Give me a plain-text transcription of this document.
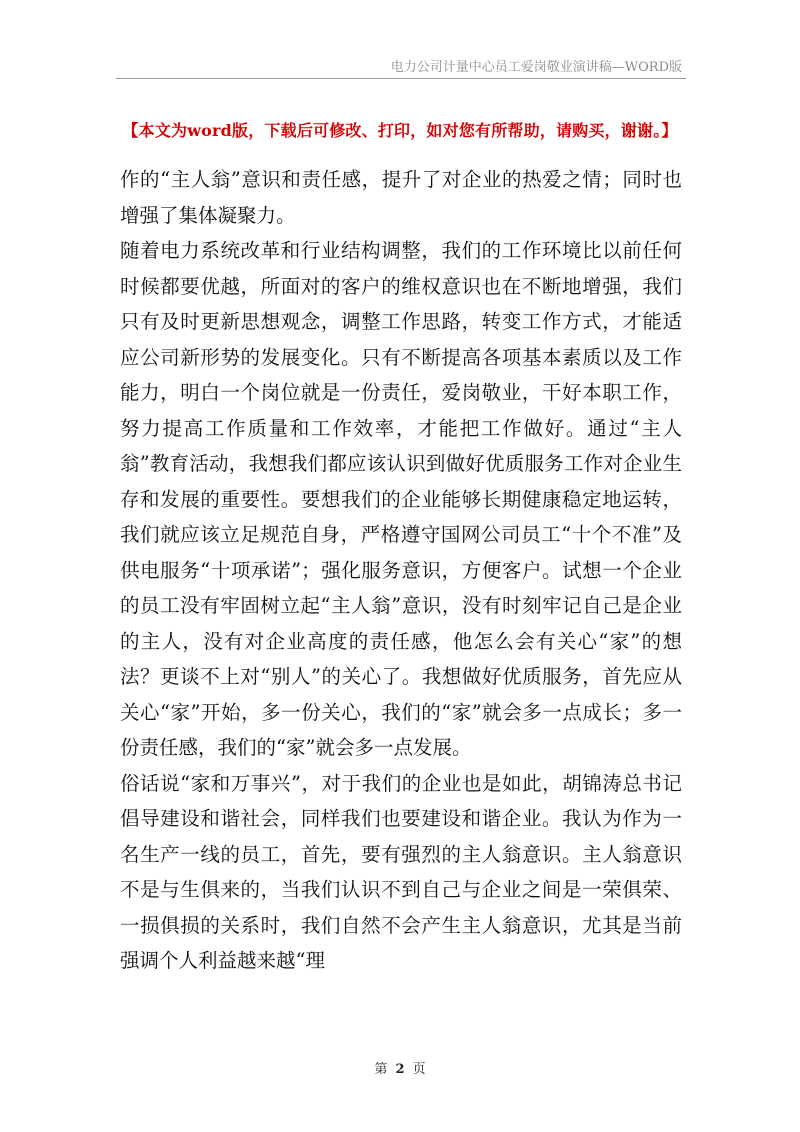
电力公司计量中心员工爱岗敬业演讲稿—WORD版
【本文为word版，下载后可修改、打印，如对您有所帮助，请购买，谢谢。】

作的“主人翁”意识和责任感，提升了对企业的热爱之情；同时也增强了集体凝聚力。

随着电力系统改革和行业结构调整，我们的工作环境比以前任何时候都要优越，所面对的客户的维权意识也在不断地增强，我们只有及时更新思想观念，调整工作思路，转变工作方式，才能适应公司新形势的发展变化。只有不断提高各项基本素质以及工作能力，明白一个岗位就是一份责任，爱岗敬业，干好本职工作，努力提高工作质量和工作效率，才能把工作做好。通过“主人翁”教育活动，我想我们都应该认识到做好优质服务工作对企业生存和发展的重要性。要想我们的企业能够长期健康稳定地运转，我们就应该立足规范自身，严格遵守国网公司员工“十个不准”及供电服务“十项承诺”；强化服务意识，方便客户。试想一个企业的员工没有牢固树立起“主人翁”意识，没有时刻牢记自己是企业的主人，没有对企业高度的责任感，他怎么会有关心“家”的想法？更谈不上对“别人”的关心了。我想做好优质服务，首先应从关心“家”开始，多一份关心，我们的“家”就会多一点成长；多一份责任感，我们的“家”就会多一点发展。

俗话说“家和万事兴”，对于我们的企业也是如此，胡锦涛总书记倡导建设和谐社会，同样我们也要建设和谐企业。我认为作为一名生产一线的员工，首先，要有强烈的主人翁意识。主人翁意识不是与生俱来的，当我们认识不到自己与企业之间是一荣俱荣、一损俱损的关系时，我们自然不会产生主人翁意识，尤其是当前强调个人利益越来越“理

第 2 页
